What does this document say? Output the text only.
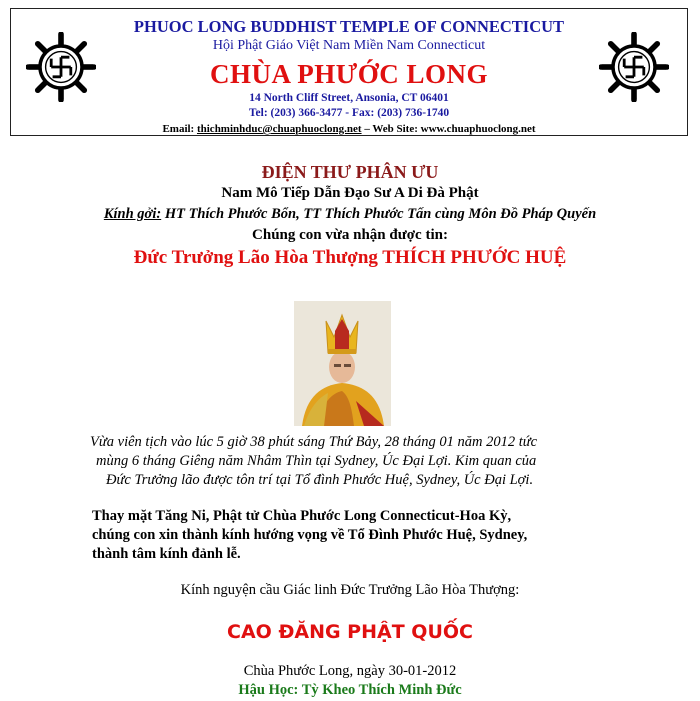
PHUOC LONG BUDDHIST TEMPLE OF CONNECTICUT
Hội Phật Giáo Việt Nam Miền Nam Connecticut
CHÙA PHƯỚC LONG
14 North Cliff Street, Ansonia, CT 06401
Tel: (203) 366-3477 - Fax: (203) 736-1740
Email: thichminhduc@chuaphuoclong.net – Web Site: www.chuaphuoclong.net
ĐIỆN THƯ PHÂN ƯU
Nam Mô Tiếp Dẫn Đạo Sư A Di Đà Phật
Kính gởi: HT Thích Phước Bổn, TT Thích Phước Tấn cùng Môn Đồ Pháp Quyến
Chúng con vừa nhận được tin:
Đức Trưởng Lão Hòa Thượng THÍCH PHƯỚC HUỆ
Vừa viên tịch vào lúc 5 giờ 38 phút sáng Thứ Bảy, 28 tháng 01 năm 2012 tức
mùng 6 tháng Giêng năm Nhâm Thìn tại Sydney, Úc Đại Lợi. Kim quan của
Đức Trưởng lão được tôn trí tại Tổ đình Phước Huệ, Sydney, Úc Đại Lợi.
Thay mặt Tăng Ni, Phật tử Chùa Phước Long Connecticut-Hoa Kỳ,
chúng con xin thành kính hướng vọng về Tổ Đình Phước Huệ, Sydney,
thành tâm kính đảnh lễ.
Kính nguyện cầu Giác linh Đức Trưởng Lão Hòa Thượng:
CAO ĐĂNG PHẬT QUỐC
Chùa Phước Long, ngày 30-01-2012
Hậu Học: Tỳ Kheo Thích Minh Đức
